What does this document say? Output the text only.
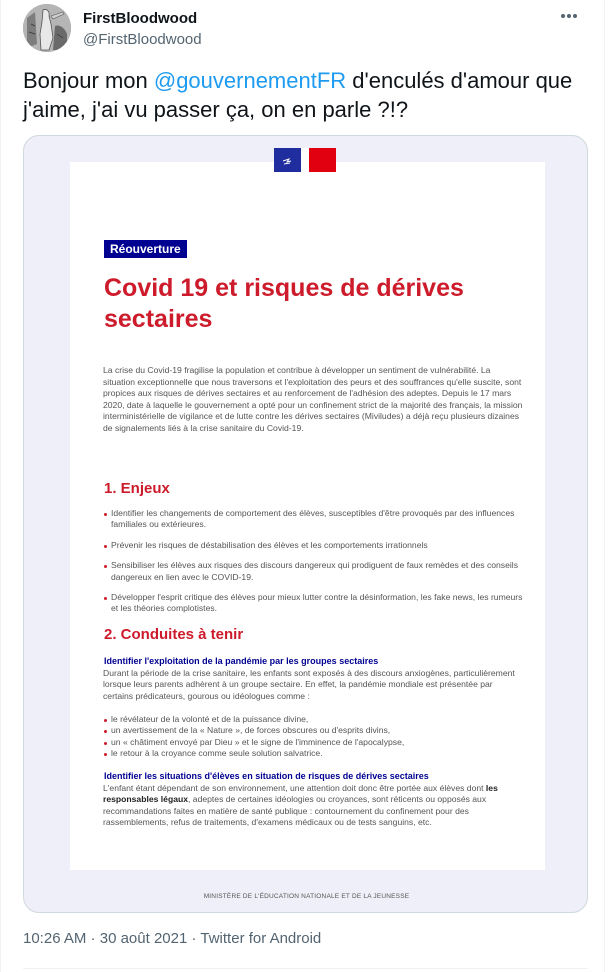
FirstBloodwood
@FirstBloodwood
Bonjour mon @gouvernementFR d'enculés d'amour que j'aime, j'ai vu passer ça, on en parle ?!?
Réouverture
Covid 19 et risques de dérives sectaires
La crise du Covid-19 fragilise la population et contribue à développer un sentiment de vulnérabilité. La situation exceptionnelle que nous traversons et l'exploitation des peurs et des souffrances qu'elle suscite, sont propices aux risques de dérives sectaires et au renforcement de l'adhésion des adeptes. Depuis le 17 mars 2020, date à laquelle le gouvernement a opté pour un confinement strict de la majorité des français, la mission interministérielle de vigilance et de lutte contre les dérives sectaires (Miviludes) a déjà reçu plusieurs dizaines de signalements liés à la crise sanitaire du Covid-19.
1. Enjeux
Identifier les changements de comportement des élèves, susceptibles d'être provoqués par des influences familiales ou extérieures.
Prévenir les risques de déstabilisation des élèves et les comportements irrationnels
Sensibiliser les élèves aux risques des discours dangereux qui prodiguent de faux remèdes et des conseils dangereux en lien avec le COVID-19.
Développer l'esprit critique des élèves pour mieux lutter contre la désinformation, les fake news, les rumeurs et les théories complotistes.
2. Conduites à tenir
Identifier l'exploitation de la pandémie par les groupes sectaires
Durant la période de la crise sanitaire, les enfants sont exposés à des discours anxiogènes, particulièrement lorsque leurs parents adhèrent à un groupe sectaire. En effet, la pandémie mondiale est présentée par certains prédicateurs, gourous ou idéologues comme :
le révélateur de la volonté et de la puissance divine,
un avertissement de la « Nature », de forces obscures ou d'esprits divins,
un « châtiment envoyé par Dieu » et le signe de l'imminence de l'apocalypse,
le retour à la croyance comme seule solution salvatrice.
Identifier les situations d'élèves en situation de risques de dérives sectaires
L'enfant étant dépendant de son environnement, une attention doit donc être portée aux élèves dont les responsables légaux, adeptes de certaines idéologies ou croyances, sont réticents ou opposés aux recommandations faites en matière de santé publique : contournement du confinement pour des rassemblements, refus de traitements, d'examens médicaux ou de tests sanguins, etc.
MINISTÈRE DE L'ÉDUCATION NATIONALE ET DE LA JEUNESSE
10:26 AM · 30 août 2021 · Twitter for Android
